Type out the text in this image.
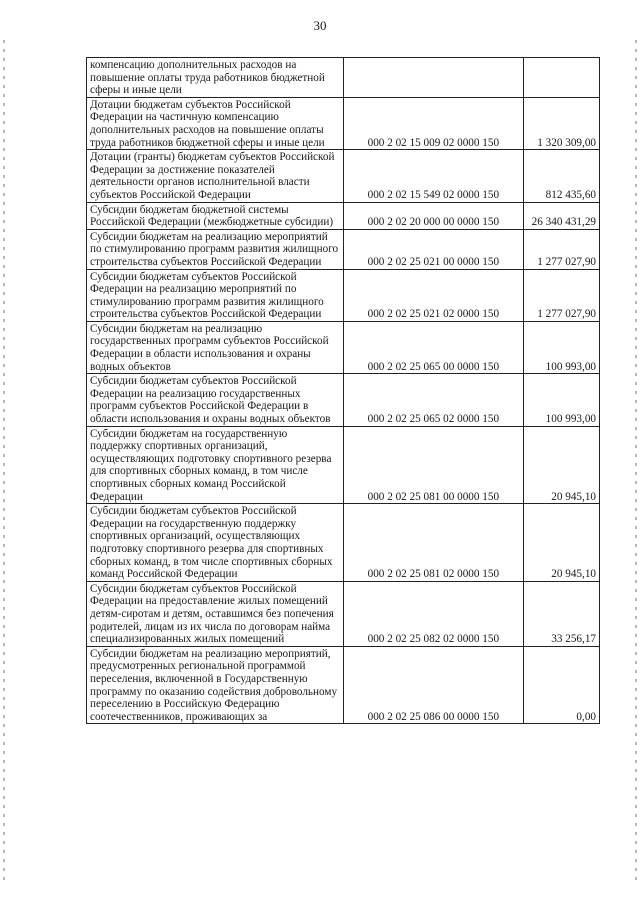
30
компенсацию дополнительных расходов на повышение оплаты труда работников бюджетной сферы и иные цели		
Дотации бюджетам субъектов Российской Федерации на частичную компенсацию дополнительных расходов на повышение оплаты труда работников бюджетной сферы и иные цели	000 2 02 15 009 02 0000 150	1 320 309,00
Дотации (гранты) бюджетам субъектов Российской Федерации за достижение показателей деятельности органов исполнительной власти субъектов Российской Федерации	000 2 02 15 549 02 0000 150	812 435,60
Субсидии бюджетам бюджетной системы Российской Федерации (межбюджетные субсидии)	000 2 02 20 000 00 0000 150	26 340 431,29
Субсидии бюджетам на реализацию мероприятий по стимулированию программ развития жилищного строительства субъектов Российской Федерации	000 2 02 25 021 00 0000 150	1 277 027,90
Субсидии бюджетам субъектов Российской Федерации на реализацию мероприятий по стимулированию программ развития жилищного строительства субъектов Российской Федерации	000 2 02 25 021 02 0000 150	1 277 027,90
Субсидии бюджетам на реализацию государственных программ субъектов Российской Федерации в области использования и охраны водных объектов	000 2 02 25 065 00 0000 150	100 993,00
Субсидии бюджетам субъектов Российской Федерации на реализацию государственных программ субъектов Российской Федерации в области использования и охраны водных объектов	000 2 02 25 065 02 0000 150	100 993,00
Субсидии бюджетам на государственную поддержку спортивных организаций, осуществляющих подготовку спортивного резерва для спортивных сборных команд, в том числе спортивных сборных команд Российской Федерации	000 2 02 25 081 00 0000 150	20 945,10
Субсидии бюджетам субъектов Российской Федерации на государственную поддержку спортивных организаций, осуществляющих подготовку спортивного резерва для спортивных сборных команд, в том числе спортивных сборных команд Российской Федерации	000 2 02 25 081 02 0000 150	20 945,10
Субсидии бюджетам субъектов Российской Федерации на предоставление жилых помещений детям-сиротам и детям, оставшимся без попечения родителей, лицам из их числа по договорам найма специализированных жилых помещений	000 2 02 25 082 02 0000 150	33 256,17
Субсидии бюджетам на реализацию мероприятий, предусмотренных региональной программой переселения, включенной в Государственную программу по оказанию содействия добровольному переселению в Российскую Федерацию соотечественников, проживающих за	000 2 02 25 086 00 0000 150	0,00
